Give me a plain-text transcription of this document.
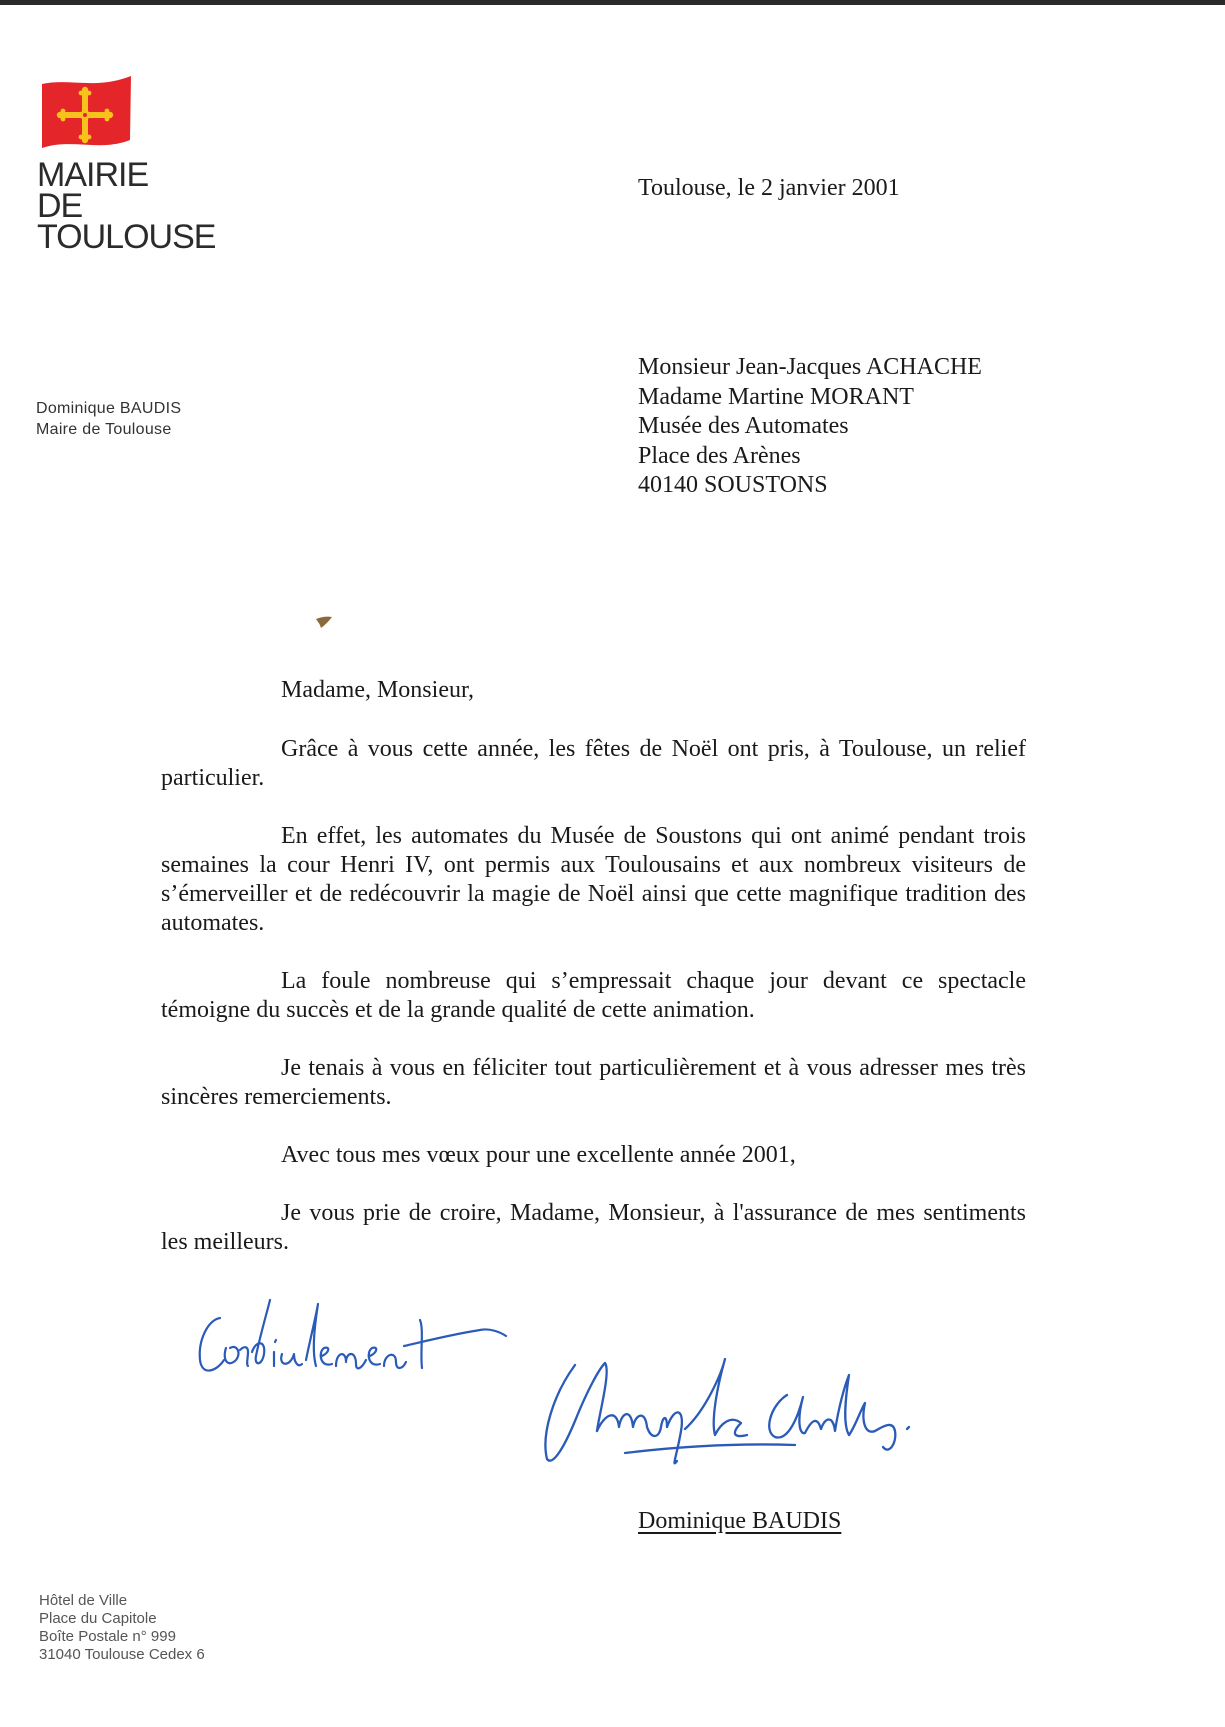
MAIRIE
DE
TOULOUSE
Dominique BAUDIS
Maire de Toulouse
Toulouse, le 2 janvier 2001
Monsieur Jean-Jacques ACHACHE
Madame Martine MORANT
Musée des Automates
Place des Arènes
40140 SOUSTONS

Madame, Monsieur,

Grâce à vous cette année, les fêtes de Noël ont pris, à Toulouse, un relief particulier.

En effet, les automates du Musée de Soustons qui ont animé pendant trois semaines la cour Henri IV, ont permis aux Toulousains et aux nombreux visiteurs de s’émerveiller et de redécouvrir la magie de Noël ainsi que cette magnifique tradition des automates.

La foule nombreuse qui s’empressait chaque jour devant ce spectacle témoigne du succès et de la grande qualité de cette animation.

Je tenais à vous en féliciter tout particulièrement et à vous adresser mes très sincères remerciements.

Avec tous mes vœux pour une excellente année 2001,

Je vous prie de croire, Madame, Monsieur, à l'assurance de mes sentiments les meilleurs.

Dominique BAUDIS
Hôtel de Ville
Place du Capitole
Boîte Postale n° 999
31040 Toulouse Cedex 6
